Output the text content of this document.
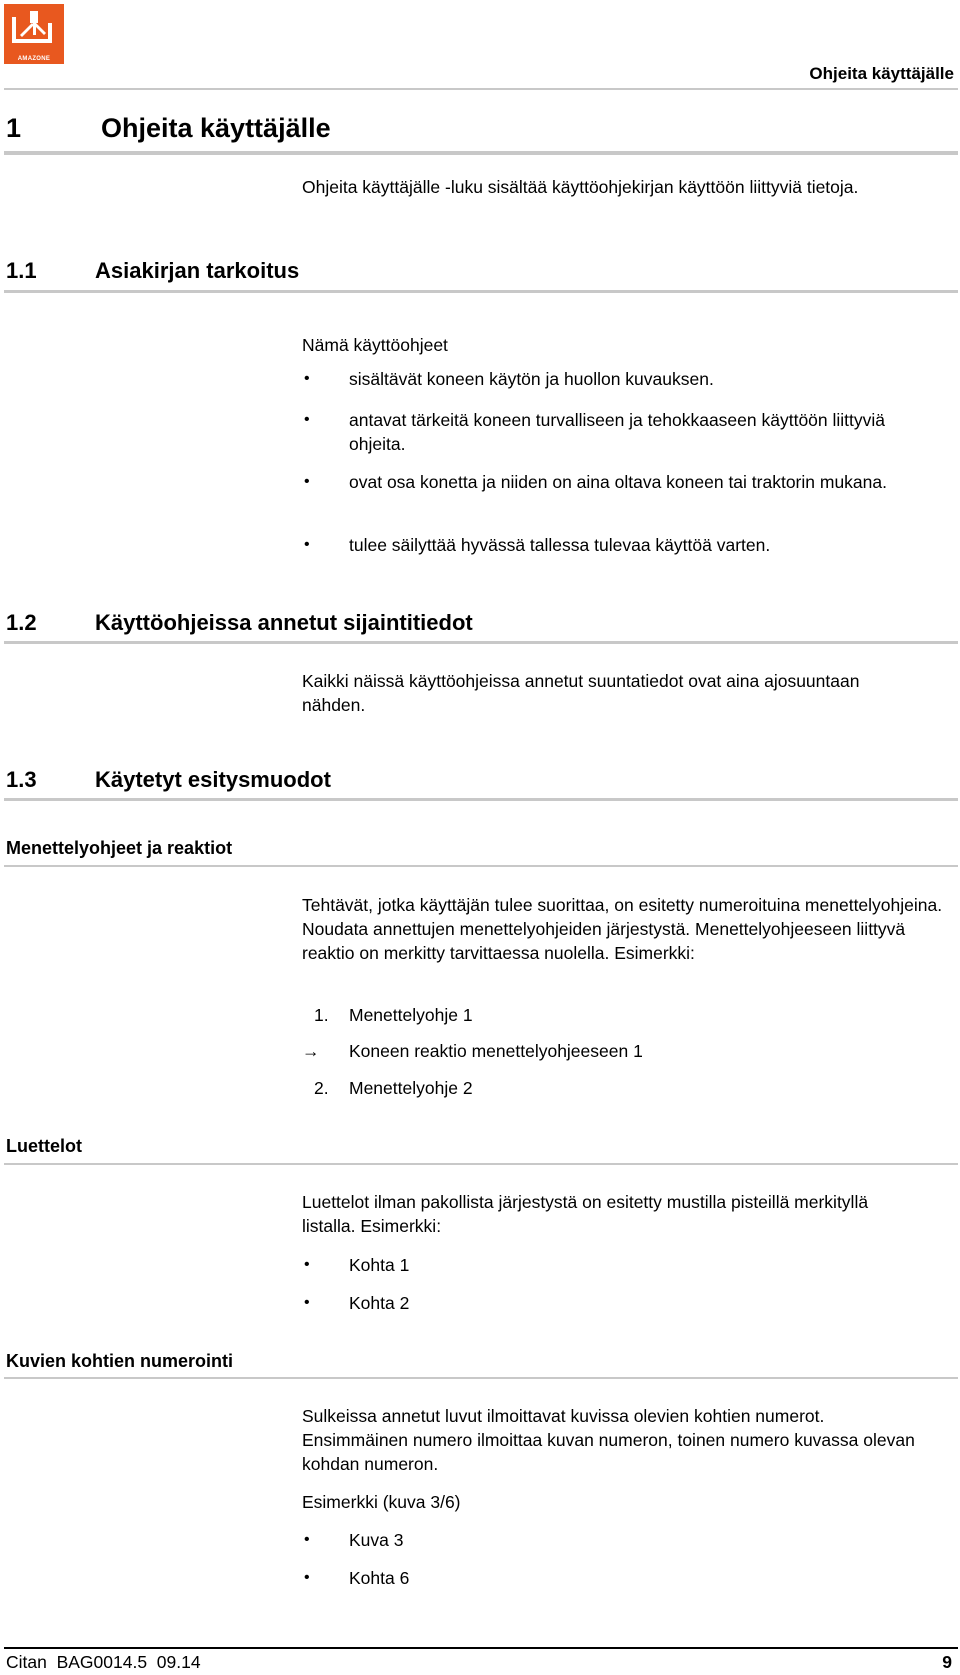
AMAZONE
Ohjeita käyttäjälle
1	Ohjeita käyttäjälle
Ohjeita käyttäjälle -luku sisältää käyttöohjekirjan käyttöön liittyviä tietoja.
1.1	Asiakirjan tarkoitus
Nämä käyttöohjeet
• sisältävät koneen käytön ja huollon kuvauksen.
• antavat tärkeitä koneen turvalliseen ja tehokkaaseen käyttöön liittyviä ohjeita.
• ovat osa konetta ja niiden on aina oltava koneen tai traktorin mukana.
• tulee säilyttää hyvässä tallessa tulevaa käyttöä varten.
1.2	Käyttöohjeissa annetut sijaintitiedot
Kaikki näissä käyttöohjeissa annetut suuntatiedot ovat aina ajosuuntaan nähden.
1.3	Käytetyt esitysmuodot
Menettelyohjeet ja reaktiot
Tehtävät, jotka käyttäjän tulee suorittaa, on esitetty numeroituina menettelyohjeina. Noudata annettujen menettelyohjeiden järjestystä. Menettelyohjeeseen liittyvä reaktio on merkitty tarvittaessa nuolella. Esimerkki:
1. Menettelyohje 1
→ Koneen reaktio menettelyohjeeseen 1
2. Menettelyohje 2
Luettelot
Luettelot ilman pakollista järjestystä on esitetty mustilla pisteillä merkityllä listalla. Esimerkki:
• Kohta 1
• Kohta 2
Kuvien kohtien numerointi
Sulkeissa annetut luvut ilmoittavat kuvissa olevien kohtien numerot. Ensimmäinen numero ilmoittaa kuvan numeron, toinen numero kuvassa olevan kohdan numeron.
Esimerkki (kuva 3/6)
• Kuva 3
• Kohta 6
Citan  BAG0014.5  09.14	9
